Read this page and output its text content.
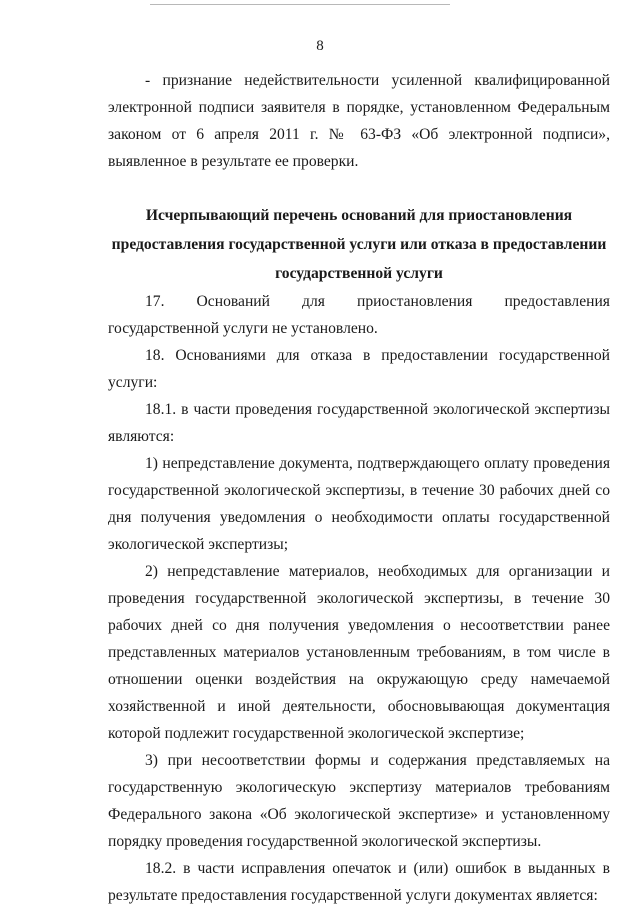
8

- признание недействительности усиленной квалифицированной электронной подписи заявителя в порядке, установленном Федеральным законом от 6 апреля 2011 г. № 63-ФЗ «Об электронной подписи», выявленное в результате ее проверки.

Исчерпывающий перечень оснований для приостановления
предоставления государственной услуги или отказа в предоставлении
государственной услуги

17. Оснований для приостановления предоставления государственной услуги не установлено.

18. Основаниями для отказа в предоставлении государственной услуги:

18.1. в части проведения государственной экологической экспертизы являются:

1) непредставление документа, подтверждающего оплату проведения государственной экологической экспертизы, в течение 30 рабочих дней со дня получения уведомления о необходимости оплаты государственной экологической экспертизы;

2) непредставление материалов, необходимых для организации и проведения государственной экологической экспертизы, в течение 30 рабочих дней со дня получения уведомления о несоответствии ранее представленных материалов установленным требованиям, в том числе в отношении оценки воздействия на окружающую среду намечаемой хозяйственной и иной деятельности, обосновывающая документация которой подлежит государственной экологической экспертизе;

3) при несоответствии формы и содержания представляемых на государственную экологическую экспертизу материалов требованиям Федерального закона «Об экологической экспертизе» и установленному порядку проведения государственной экологической экспертизы.

18.2. в части исправления опечаток и (или) ошибок в выданных в результате предоставления государственной услуги документах является:
